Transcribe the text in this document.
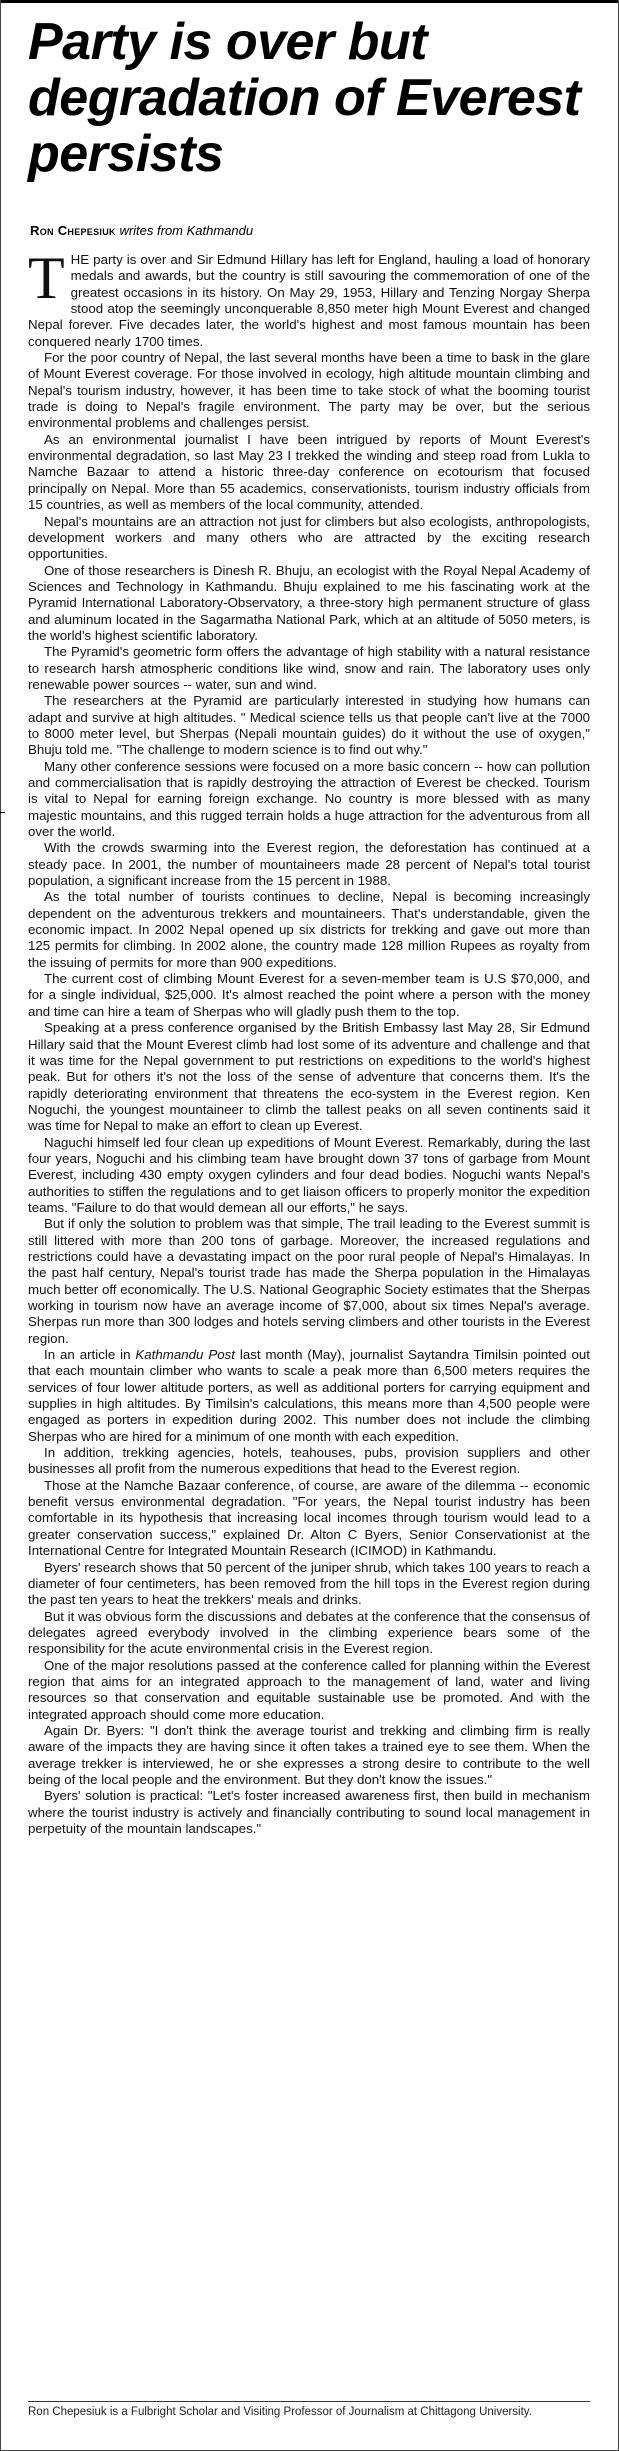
Party is over but degradation of Everest persists
Ron Chepesiuk writes from Kathmandu

THE party is over and Sir Edmund Hillary has left for England, hauling a load of honorary medals and awards, but the country is still savouring the commemoration of one of the greatest occasions in its history. On May 29, 1953, Hillary and Tenzing Norgay Sherpa stood atop the seemingly unconquerable 8,850 meter high Mount Everest and changed Nepal forever. Five decades later, the world's highest and most famous mountain has been conquered nearly 1700 times.

For the poor country of Nepal, the last several months have been a time to bask in the glare of Mount Everest coverage. For those involved in ecology, high altitude mountain climbing and Nepal's tourism industry, however, it has been time to take stock of what the booming tourist trade is doing to Nepal's fragile environment. The party may be over, but the serious environmental problems and challenges persist.

As an environmental journalist I have been intrigued by reports of Mount Everest's environmental degradation, so last May 23 I trekked the winding and steep road from Lukla to Namche Bazaar to attend a historic three-day conference on ecotourism that focused principally on Nepal. More than 55 academics, conservationists, tourism industry officials from 15 countries, as well as members of the local community, attended.

Nepal's mountains are an attraction not just for climbers but also ecologists, anthropologists, development workers and many others who are attracted by the exciting research opportunities.

One of those researchers is Dinesh R. Bhuju, an ecologist with the Royal Nepal Academy of Sciences and Technology in Kathmandu. Bhuju explained to me his fascinating work at the Pyramid International Laboratory-Observatory, a three-story high permanent structure of glass and aluminum located in the Sagarmatha National Park, which at an altitude of 5050 meters, is the world's highest scientific laboratory.

The Pyramid's geometric form offers the advantage of high stability with a natural resistance to research harsh atmospheric conditions like wind, snow and rain. The laboratory uses only renewable power sources -- water, sun and wind.

The researchers at the Pyramid are particularly interested in studying how humans can adapt and survive at high altitudes. " Medical science tells us that people can't live at the 7000 to 8000 meter level, but Sherpas (Nepali mountain guides) do it without the use of oxygen," Bhuju told me. "The challenge to modern science is to find out why."

Many other conference sessions were focused on a more basic concern -- how can pollution and commercialisation that is rapidly destroying the attraction of Everest be checked. Tourism is vital to Nepal for earning foreign exchange. No country is more blessed with as many majestic mountains, and this rugged terrain holds a huge attraction for the adventurous from all over the world.

With the crowds swarming into the Everest region, the deforestation has continued at a steady pace. In 2001, the number of mountaineers made 28 percent of Nepal's total tourist population, a significant increase from the 15 percent in 1988.

As the total number of tourists continues to decline, Nepal is becoming increasingly dependent on the adventurous trekkers and mountaineers. That's understandable, given the economic impact. In 2002 Nepal opened up six districts for trekking and gave out more than 125 permits for climbing. In 2002 alone, the country made 128 million Rupees as royalty from the issuing of permits for more than 900 expeditions.

The current cost of climbing Mount Everest for a seven-member team is U.S $70,000, and for a single individual, $25,000. It's almost reached the point where a person with the money and time can hire a team of Sherpas who will gladly push them to the top.

Speaking at a press conference organised by the British Embassy last May 28, Sir Edmund Hillary said that the Mount Everest climb had lost some of its adventure and challenge and that it was time for the Nepal government to put restrictions on expeditions to the world's highest peak. But for others it's not the loss of the sense of adventure that concerns them. It's the rapidly deteriorating environment that threatens the eco-system in the Everest region. Ken Noguchi, the youngest mountaineer to climb the tallest peaks on all seven continents said it was time for Nepal to make an effort to clean up Everest.

Naguchi himself led four clean up expeditions of Mount Everest. Remarkably, during the last four years, Noguchi and his climbing team have brought down 37 tons of garbage from Mount Everest, including 430 empty oxygen cylinders and four dead bodies. Noguchi wants Nepal's authorities to stiffen the regulations and to get liaison officers to properly monitor the expedition teams. "Failure to do that would demean all our efforts," he says.

But if only the solution to problem was that simple, The trail leading to the Everest summit is still littered with more than 200 tons of garbage. Moreover, the increased regulations and restrictions could have a devastating impact on the poor rural people of Nepal's Himalayas. In the past half century, Nepal's tourist trade has made the Sherpa population in the Himalayas much better off economically. The U.S. National Geographic Society estimates that the Sherpas working in tourism now have an average income of $7,000, about six times Nepal's average. Sherpas run more than 300 lodges and hotels serving climbers and other tourists in the Everest region.

In an article in Kathmandu Post last month (May), journalist Saytandra Timilsin pointed out that each mountain climber who wants to scale a peak more than 6,500 meters requires the services of four lower altitude porters, as well as additional porters for carrying equipment and supplies in high altitudes. By Timilsin's calculations, this means more than 4,500 people were engaged as porters in expedition during 2002. This number does not include the climbing Sherpas who are hired for a minimum of one month with each expedition.

In addition, trekking agencies, hotels, teahouses, pubs, provision suppliers and other businesses all profit from the numerous expeditions that head to the Everest region.

Those at the Namche Bazaar conference, of course, are aware of the dilemma -- economic benefit versus environmental degradation. "For years, the Nepal tourist industry has been comfortable in its hypothesis that increasing local incomes through tourism would lead to a greater conservation success," explained Dr. Alton C Byers, Senior Conservationist at the International Centre for Integrated Mountain Research (ICIMOD) in Kathmandu.

Byers' research shows that 50 percent of the juniper shrub, which takes 100 years to reach a diameter of four centimeters, has been removed from the hill tops in the Everest region during the past ten years to heat the trekkers' meals and drinks.

But it was obvious form the discussions and debates at the conference that the consensus of delegates agreed everybody involved in the climbing experience bears some of the responsibility for the acute environmental crisis in the Everest region.

One of the major resolutions passed at the conference called for planning within the Everest region that aims for an integrated approach to the management of land, water and living resources so that conservation and equitable sustainable use be promoted. And with the integrated approach should come more education.

Again Dr. Byers: "I don't think the average tourist and trekking and climbing firm is really aware of the impacts they are having since it often takes a trained eye to see them. When the average trekker is interviewed, he or she expresses a strong desire to contribute to the well being of the local people and the environment. But they don't know the issues."

Byers' solution is practical: "Let's foster increased awareness first, then build in mechanism where the tourist industry is actively and financially contributing to sound local management in perpetuity of the mountain landscapes."

Ron Chepesiuk is a Fulbright Scholar and Visiting Professor of Journalism at Chittagong University.
